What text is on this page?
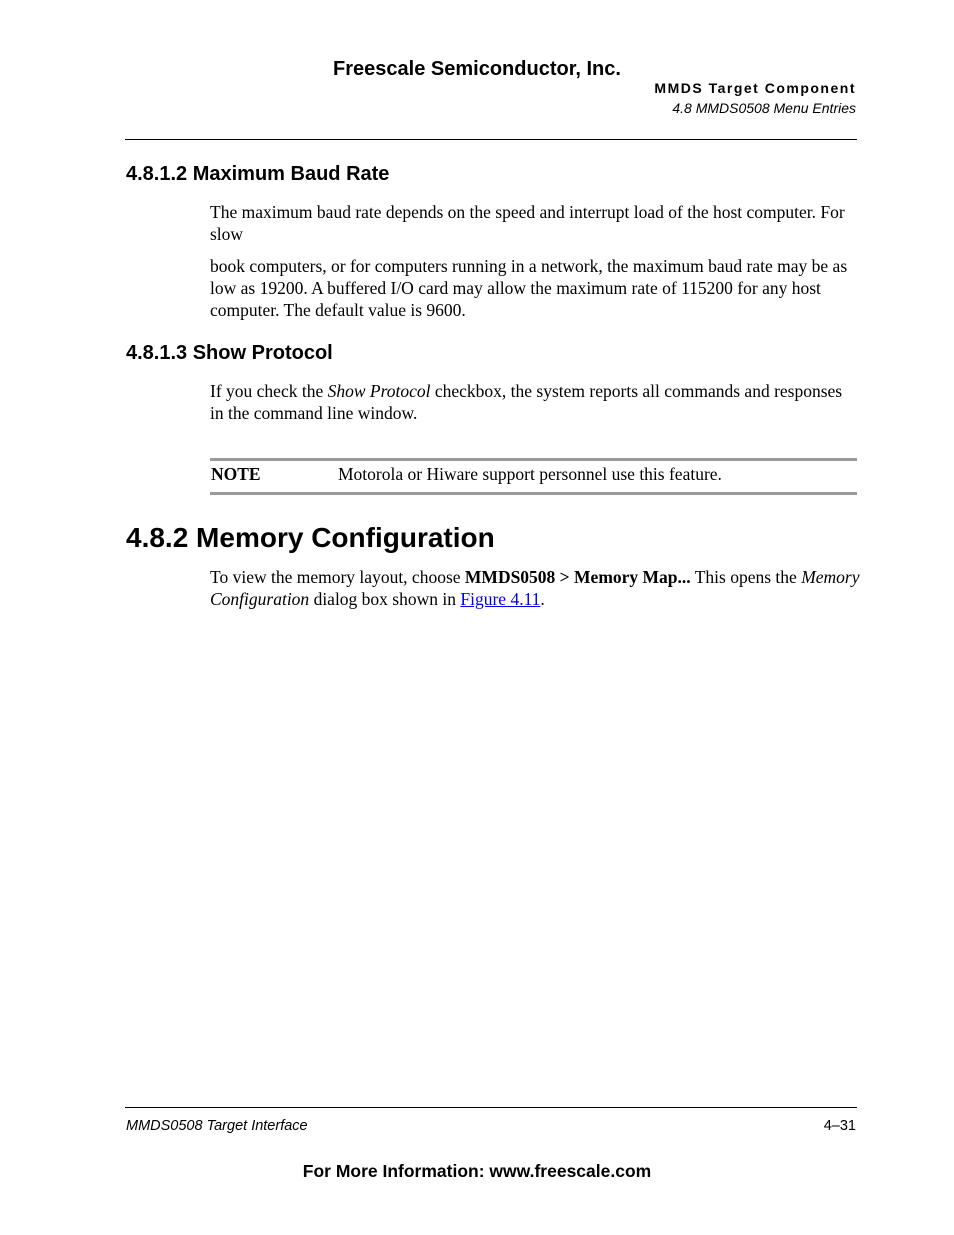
Freescale Semiconductor, Inc.
MMDS Target Component
4.8 MMDS0508 Menu Entries
4.8.1.2 Maximum Baud Rate

The maximum baud rate depends on the speed and interrupt load of the host computer. For slow

book computers, or for computers running in a network, the maximum baud rate may be as low as 19200. A buffered I/O card may allow the maximum rate of 115200 for any host computer. The default value is 9600.

4.8.1.3 Show Protocol

If you check the Show Protocol checkbox, the system reports all commands and responses in the command line window.

NOTE	Motorola or Hiware support personnel use this feature.
4.8.2 Memory Configuration

To view the memory layout, choose MMDS0508 > Memory Map... This opens the Memory Configuration dialog box shown in Figure 4.11.

MMDS0508 Target Interface	4–31
For More Information: www.freescale.com
